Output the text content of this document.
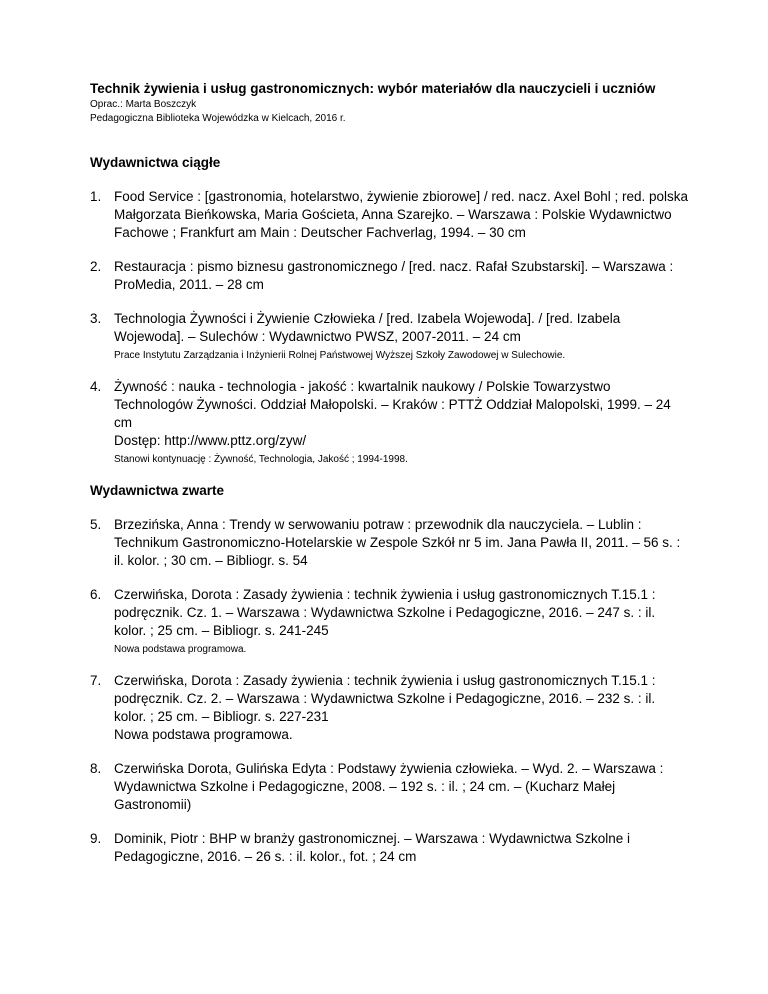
Technik żywienia i usług gastronomicznych: wybór materiałów dla nauczycieli i uczniów

Oprac.: Marta Boszczyk

Pedagogiczna Biblioteka Wojewódzka w Kielcach, 2016 r.

Wydawnictwa ciągłe

1. Food Service : [gastronomia, hotelarstwo, żywienie zbiorowe] / red. nacz. Axel Bohl ; red. polska Małgorzata Bieńkowska, Maria Gościeta, Anna Szarejko. – Warszawa : Polskie Wydawnictwo Fachowe ; Frankfurt am Main : Deutscher Fachverlag, 1994. – 30 cm
2. Restauracja : pismo biznesu gastronomicznego / [red. nacz. Rafał Szubstarski]. – Warszawa : ProMedia, 2011. – 28 cm
3. Technologia Żywności i Żywienie Człowieka / [red. Izabela Wojewoda]. / [red. Izabela Wojewoda]. – Sulechów : Wydawnictwo PWSZ, 2007-2011. – 24 cm
Prace Instytutu Zarządzania i Inżynierii Rolnej Państwowej Wyższej Szkoły Zawodowej w Sulechowie.
4. Żywność : nauka - technologia - jakość : kwartalnik naukowy / Polskie Towarzystwo Technologów Żywności. Oddział Małopolski. – Kraków : PTTŻ Oddział Malopolski, 1999. – 24 cm
Dostęp: http://www.pttz.org/zyw/
Stanowi kontynuację : Żywność, Technologia, Jakość ; 1994-1998.

Wydawnictwa zwarte

5. Brzezińska, Anna : Trendy w serwowaniu potraw : przewodnik dla nauczyciela. – Lublin : Technikum Gastronomiczno-Hotelarskie w Zespole Szkół nr 5 im. Jana Pawła II, 2011. – 56 s. : il. kolor. ; 30 cm. – Bibliogr. s. 54
6. Czerwińska, Dorota : Zasady żywienia : technik żywienia i usług gastronomicznych T.15.1 : podręcznik. Cz. 1. – Warszawa : Wydawnictwa Szkolne i Pedagogiczne, 2016. – 247 s. : il. kolor. ; 25 cm. – Bibliogr. s. 241-245
Nowa podstawa programowa.
7. Czerwińska, Dorota : Zasady żywienia : technik żywienia i usług gastronomicznych T.15.1 : podręcznik. Cz. 2. – Warszawa : Wydawnictwa Szkolne i Pedagogiczne, 2016. – 232 s. : il. kolor. ; 25 cm. – Bibliogr. s. 227-231
Nowa podstawa programowa.
8. Czerwińska Dorota, Gulińska Edyta : Podstawy żywienia człowieka. – Wyd. 2. – Warszawa : Wydawnictwa Szkolne i Pedagogiczne, 2008. – 192 s. : il. ; 24 cm. – (Kucharz Małej Gastronomii)
9. Dominik, Piotr : BHP w branży gastronomicznej. – Warszawa : Wydawnictwa Szkolne i Pedagogiczne, 2016. – 26 s. : il. kolor., fot. ; 24 cm
